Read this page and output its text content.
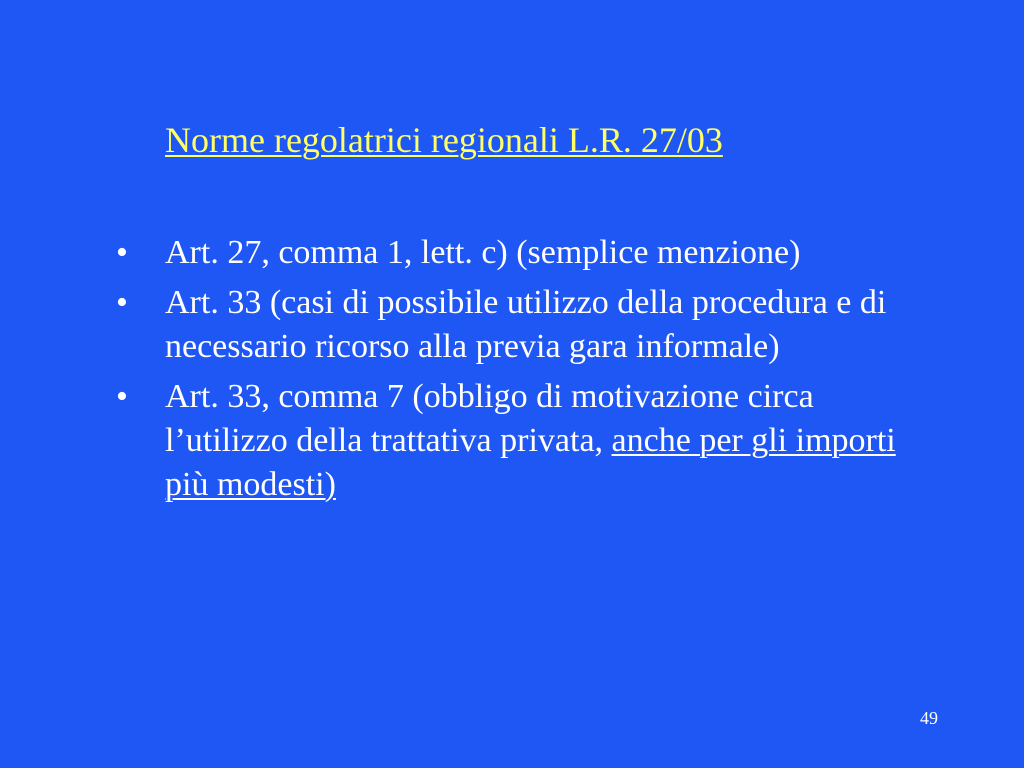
Norme regolatrici regionali L.R. 27/03
• Art. 27, comma 1, lett. c) (semplice menzione)
• Art. 33 (casi di possibile utilizzo della procedura e di necessario ricorso alla previa gara informale)
• Art. 33, comma 7 (obbligo di motivazione circa l’utilizzo della trattativa privata, anche per gli importi più modesti)
49
